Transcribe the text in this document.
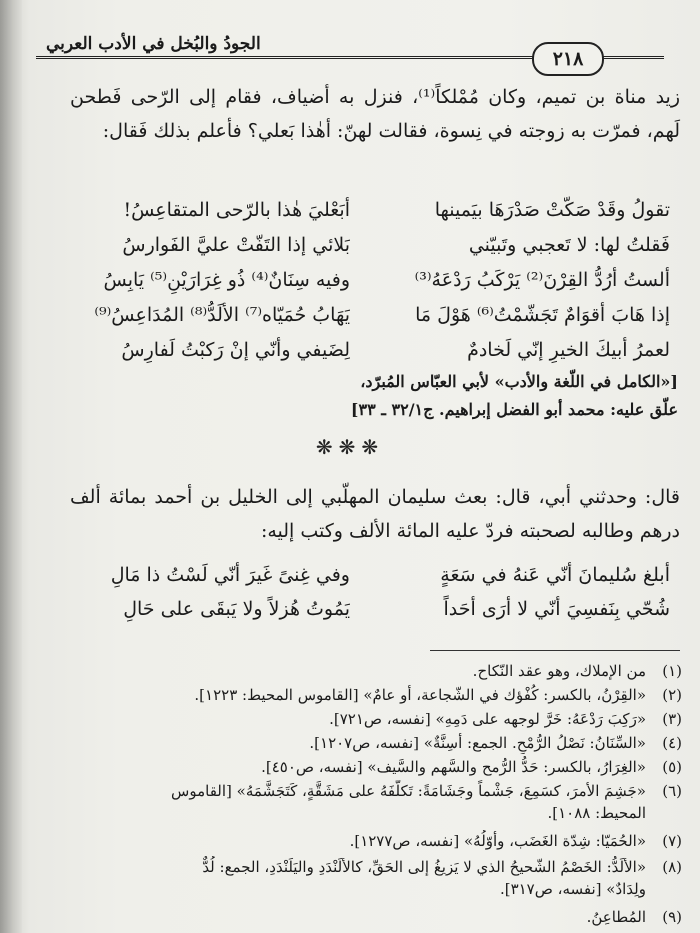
الجودُ والبُخل في الأدب العربي
٢١٨

زيد مناة بن تميم، وكان مُمْلكاً⁽¹⁾، فنزل به أضياف، فقام إلى الرّحى فَطحن لَهم، فمرّت به زوجته في نِسوة، فقالت لهنّ: أهٰذا بَعلي؟ فأعلم بذلك فَقال:

تقولُ وقَدْ صَكّتْ صَدْرَهَا بيَمينها
أبَعْليَ هٰذا بالرّحى المتقاعِسُ!
فَقلتُ لها: لا تَعجبي وتَبيّني
بَلائي إذا التَفّتْ عليَّ الفَوارسُ
ألستُ أرُدُّ القِرْنَ⁽²⁾ يَرْكَبُ رَدْعَهُ⁽³⁾
وفيه سِنَانٌ⁽⁴⁾ ذُو غِرَارَيْنِ⁽⁵⁾ يَابِسُ
إذا هَابَ أقوَامٌ تَجَشّمْتُ⁽⁶⁾ هَوْلَ مَا
يَهَابُ حُمَيّاه⁽⁷⁾ الألَدُّ⁽⁸⁾ المُدَاعِسُ⁽⁹⁾
لعمرُ أبيكَ الخيرِ إنّي لَخادمٌ
لِضَيفي وأنّي إنْ رَكبْتُ لَفارِسُ
[«الكامل في اللّغة والأدب» لأبي العبّاس المُبرّد،
علّق عليه: محمد أبو الفضل إبراهيم. ج٣٢/١ ـ ٣٣]
❋❋❋

قال: وحدثني أبي، قال: بعث سليمان المهلّبي إلى الخليل بن أحمد بمائة ألف درهم وطالبه لصحبته فردّ عليه المائة الألف وكتب إليه:

أبلغ سُليمانَ أنّي عَنهُ في سَعَةٍ
وفي غِنىً غَيرَ أنّي لَسْتُ ذا مَالِ
شُحّي بِنَفسِيَ أنّي لا أرَى أحَداً
يَمُوتُ هُزلاً ولا يَبقَى على حَالِ
(١)من الإملاك، وهو عقد النّكاح.
(٢)«القِرْنُ، بالكسر: كُفْؤك في الشّجاعة، أو عامٌ» [القاموس المحيط: ١٢٢٣].
(٣)«رَكِبَ رَدْعَهُ: خَرَّ لوجهه على دَمِهِ» [نفسه، ص٧٢١].
(٤)«السِّنَانُ: نَصْلُ الرُّمْحِ. الجمع: أسِنَّةٌ» [نفسه، ص١٢٠٧].
(٥)«الغِرَارُ، بالكسر: حَدُّ الرُّمح والسَّهم والسَّيف» [نفسه، ص٤٥٠].
(٦)«جَشِمَ الأمرَ، كسَمِعَ، جَشْماً وجَشَامَةً: تَكلّفَهُ على مَشَقَّةٍ، كَتَجَشَّمَهُ» [القاموس
المحيط: ١٠٨٨].
(٧)«الحُمَيّا: شِدّة الغَضَب، وأوّلُهُ» [نفسه، ص١٢٧٧].
(٨)«الألَدُّ: الخَصْمُ الشّحيحُ الذي لا يَزيغُ إلى الحَقِّ، كالألَنْدَدِ واليَلَنْدَدِ، الجمع: لُدٌّ
ولِدَادٌ» [نفسه، ص٣١٧].
(٩)المُطاعِنُ.
